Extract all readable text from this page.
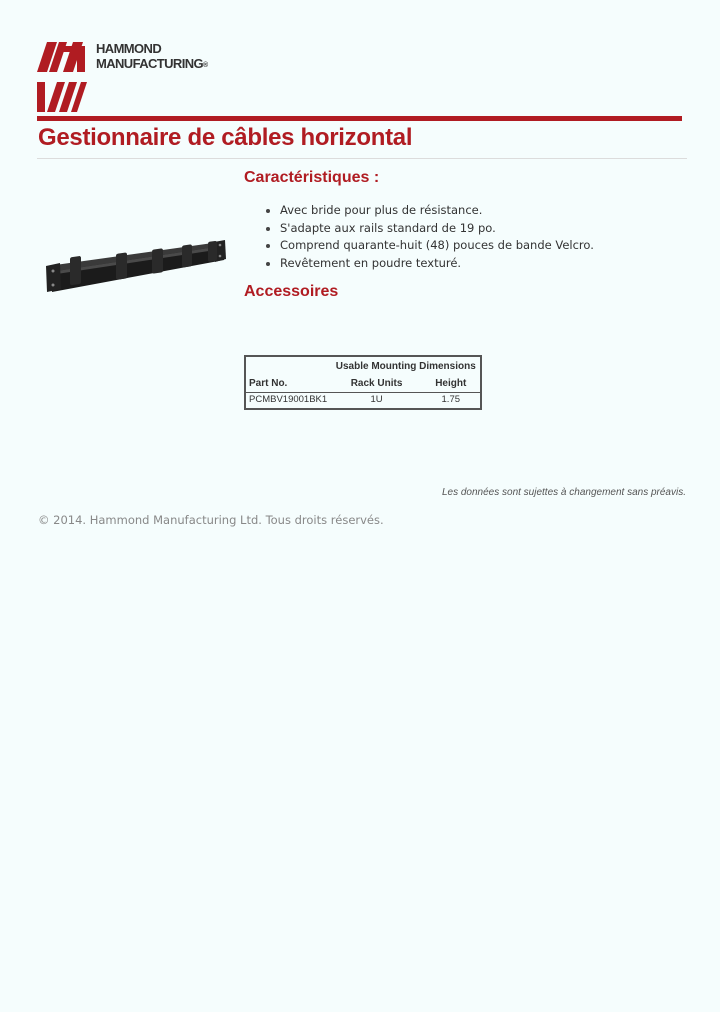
HAMMOND
MANUFACTURING®
Gestionnaire de câbles horizontal
Caractéristiques :
Avec bride pour plus de résistance.
S'adapte aux rails standard de 19 po.
Comprend quarante-huit (48) pouces de bande Velcro.
Revêtement en poudre texturé.
Accessoires
	Usable Mounting Dimensions	
Part No.	Rack Units	Height
PCMBV19001BK1	1U	1.75
Les données sont sujettes à changement sans préavis.
© 2014. Hammond Manufacturing Ltd. Tous droits réservés.
